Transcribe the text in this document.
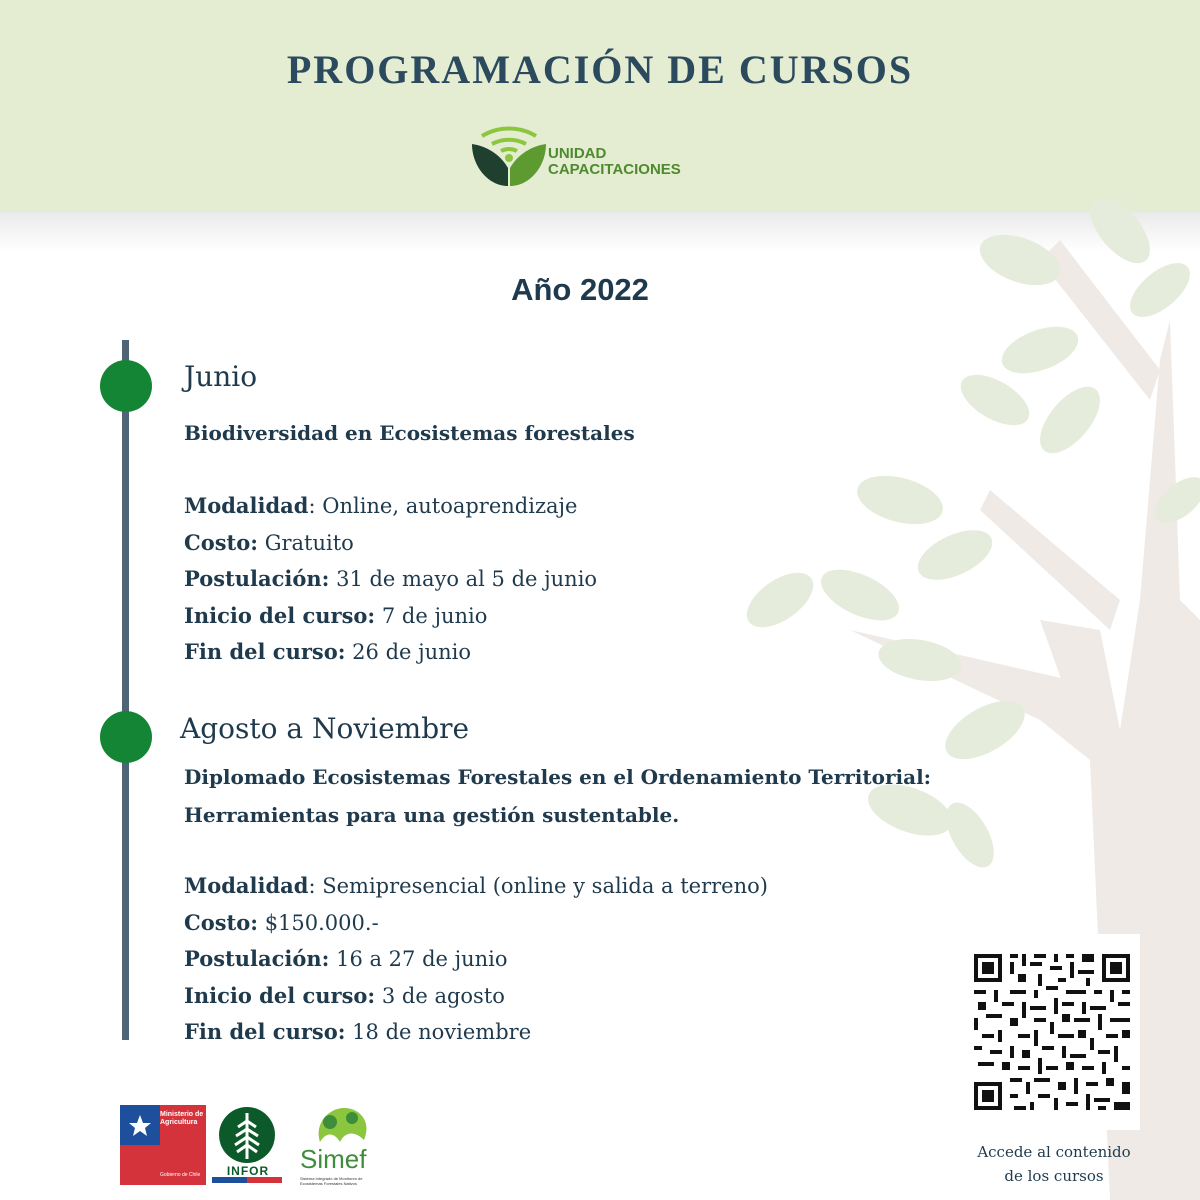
PROGRAMACIÓN DE CURSOS
UNIDAD
CAPACITACIONES
Año 2022
Junio
Biodiversidad en Ecosistemas forestales
Modalidad: Online, autoaprendizaje
Costo: Gratuito
Postulación: 31 de mayo al 5 de junio
Inicio del curso: 7 de junio
Fin del curso: 26 de junio
Agosto a Noviembre
Diplomado Ecosistemas Forestales en el Ordenamiento Territorial:
Herramientas para una gestión sustentable.
Modalidad: Semipresencial (online y salida a terreno)
Costo: $150.000.-
Postulación: 16 a 27 de junio
Inicio del curso: 3 de agosto
Fin del curso: 18 de noviembre
Accede al contenido
de los cursos
Ministerio de
Agricultura
Gobierno de Chile	INFOR	Simef
Sistema Integrado de Monitoreo de Ecosistemas Forestales Nativos
